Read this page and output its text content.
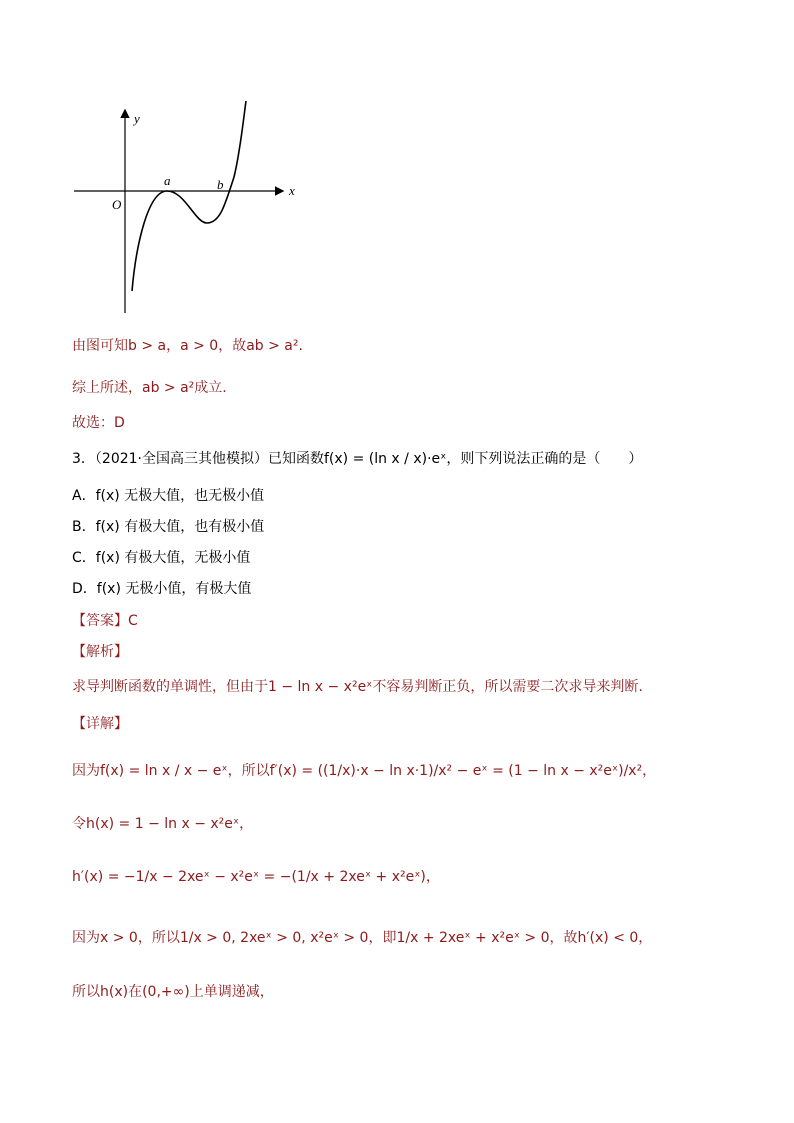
y
x
O
a	b
由图可知b > a，a > 0，故ab > a².
综上所述，ab > a²成立.
故选：D
3．（2021·全国高三其他模拟）已知函数f(x) = (ln x / x)·eˣ，则下列说法正确的是（　　）
A．f(x) 无极大值，也无极小值
B．f(x) 有极大值，也有极小值
C．f(x) 有极大值，无极小值
D．f(x) 无极小值，有极大值
【答案】C
【解析】
求导判断函数的单调性，但由于1 − ln x − x²eˣ不容易判断正负，所以需要二次求导来判断.
【详解】
因为f(x) = ln x / x − eˣ，所以f′(x) = ((1/x)·x − ln x·1)/x² − eˣ = (1 − ln x − x²eˣ)/x²，
令h(x) = 1 − ln x − x²eˣ，
h′(x) = −1/x − 2xeˣ − x²eˣ = −(1/x + 2xeˣ + x²eˣ)，
因为x > 0，所以1/x > 0, 2xeˣ > 0, x²eˣ > 0，即1/x + 2xeˣ + x²eˣ > 0，故h′(x) < 0，
所以h(x)在(0,+∞)上单调递减，
